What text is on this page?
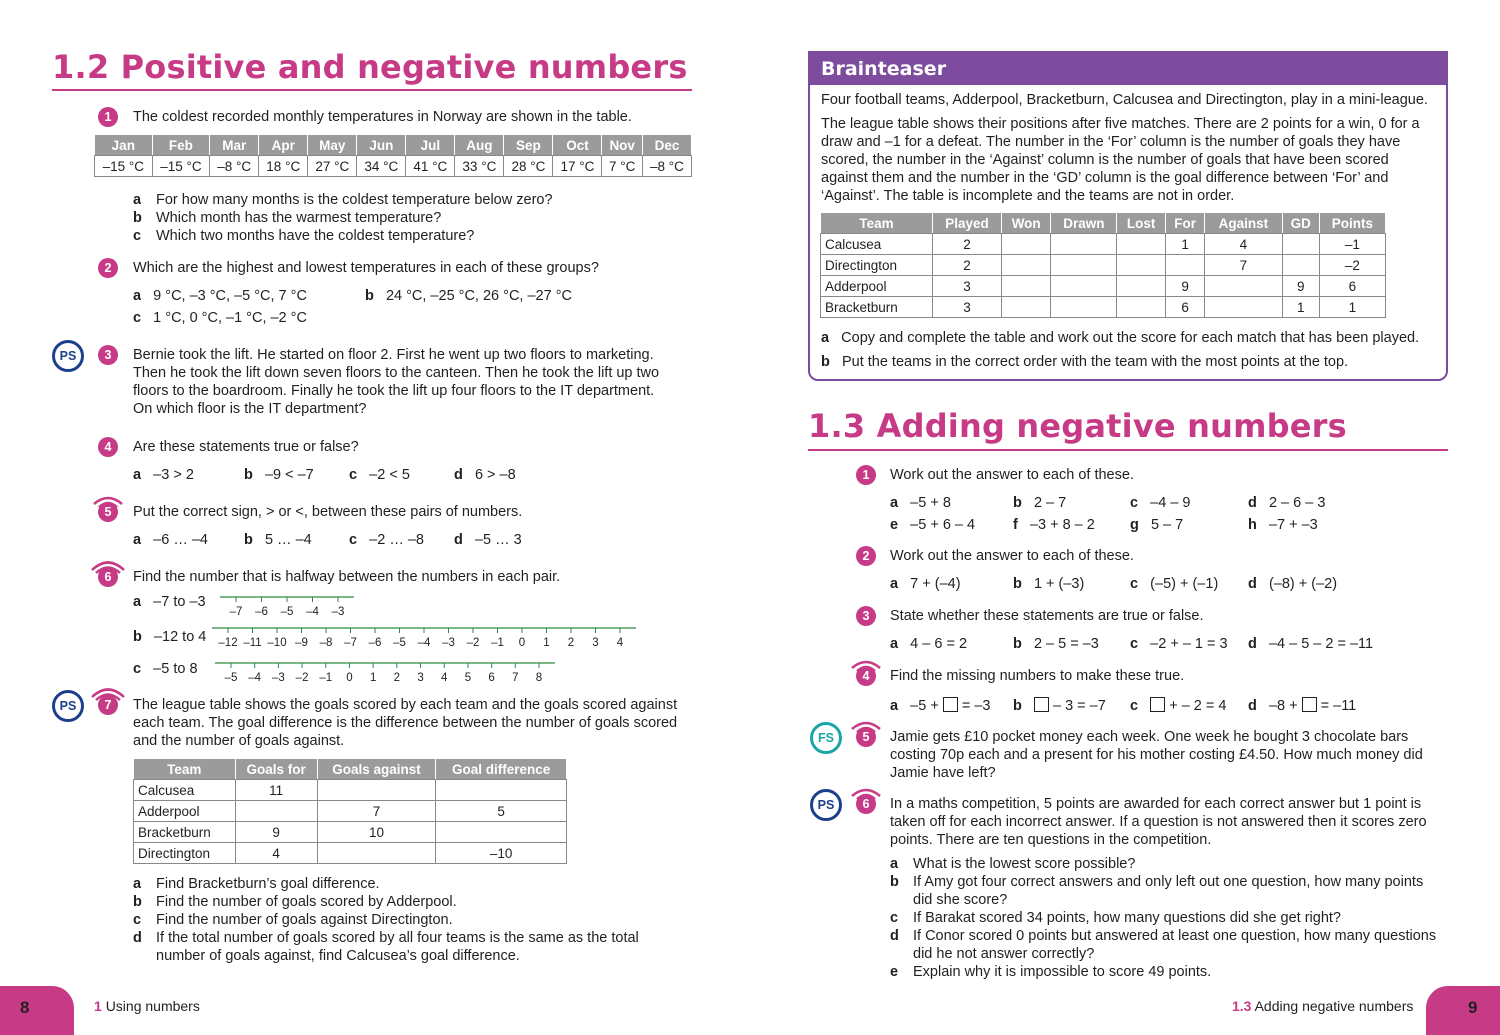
1.2 Positive and negative numbers
1	The coldest recorded monthly temperatures in Norway are shown in the table.
Jan	Feb	Mar	Apr	May	Jun	Jul	Aug	Sep	Oct	Nov	Dec
–15 °C	–15 °C	–8 °C	18 °C	27 °C	34 °C	41 °C	33 °C	28 °C	17 °C	7 °C	–8 °C
a For how many months is the coldest temperature below zero?
b Which month has the warmest temperature?
c Which two months have the coldest temperature?
2	Which are the highest and lowest temperatures in each of these groups?
a 9 °C, –3 °C, –5 °C, 7 °C	b 24 °C, –25 °C, 26 °C, –27 °C
c 1 °C, 0 °C, –1 °C, –2 °C
PS	3	Bernie took the lift. He started on floor 2. First he went up two floors to marketing.
Then he took the lift down seven floors to the canteen. Then he took the lift up two
floors to the boardroom. Finally he took the lift up four floors to the IT department.
On which floor is the IT department?
4	Are these statements true or false?
a –3 > 2	b –9 < –7 c –2 < 5	d 6 > –8
5	Put the correct sign, > or <, between these pairs of numbers.
a –6 … –4 b 5 … –4	c –2 … –8 d –5 … 3
6	Find the number that is halfway between the numbers in each pair.
a –7 to –3
b –12 to 4
c –5 to 8
–7 –6 –5 –4 –3
–12 –11 –10 –9 –8 –7 –6 –5 –4 –3 –2 –1 0 1 2 3 4
–5 –4 –3 –2 –1 0 1 2 3 4 5 6 7 8
PS	7	The league table shows the goals scored by each team and the goals scored against
each team. The goal difference is the difference between the number of goals scored
and the number of goals against.
Team	Goals for	Goals against	Goal difference
Calcusea	11		
Adderpool		7	5
Bracketburn	9	10	
Directington	4		–10
a Find Bracketburn’s goal difference.
b Find the number of goals scored by Adderpool.
c Find the number of goals against Directington.
d If the total number of goals scored by all four teams is the same as the total
number of goals against, find Calcusea’s goal difference.
8	1 Using numbers
Brainteaser
Four football teams, Adderpool, Bracketburn, Calcusea and Directington, play in a mini-league.
The league table shows their positions after five matches. There are 2 points for a win, 0 for a
draw and –1 for a defeat. The number in the ‘For’ column is the number of goals they have
scored, the number in the ‘Against’ column is the number of goals that have been scored
against them and the number in the ‘GD’ column is the goal difference between ‘For’ and
‘Against’. The table is incomplete and the teams are not in order.
Team	Played	Won	Drawn	Lost	For	Against	GD	Points
Calcusea	2				1	4		–1
Directington	2					7		–2
Adderpool	3				9		9	6
Bracketburn	3				6		1	1
a Copy and complete the table and work out the score for each match that has been played.
b Put the teams in the correct order with the team with the most points at the top.
1.3 Adding negative numbers
1	Work out the answer to each of these.
a –5 + 8	b 2 – 7	c –4 – 9	d 2 – 6 – 3
e –5 + 6 – 4	f –3 + 8 – 2 g 5 – 7	h –7 + –3
2	Work out the answer to each of these.
a 7 + (–4)	b 1 + (–3)	c (–5) + (–1) d (–8) + (–2)
3	State whether these statements are true or false.
a 4 – 6 = 2	b 2 – 5 = –3 c –2 + – 1 = 3 d –4 – 5 – 2 = –11
4	Find the missing numbers to make these true.
a –5 +  = –3 b    – 3 = –7 c    + – 2 = 4 d –8 +  = –11
FS	5	Jamie gets £10 pocket money each week. One week he bought 3 chocolate bars
costing 70p each and a present for his mother costing £4.50. How much money did
Jamie have left?
PS	6	In a maths competition, 5 points are awarded for each correct answer but 1 point is
taken off for each incorrect answer. If a question is not answered then it scores zero
points. There are ten questions in the competition.
a What is the lowest score possible?
b If Amy got four correct answers and only left out one question, how many points
did she score?
c If Barakat scored 34 points, how many questions did she get right?
d If Conor scored 0 points but answered at least one question, how many questions
did he not answer correctly?
e Explain why it is impossible to score 49 points.
1.3 Adding negative numbers	9
